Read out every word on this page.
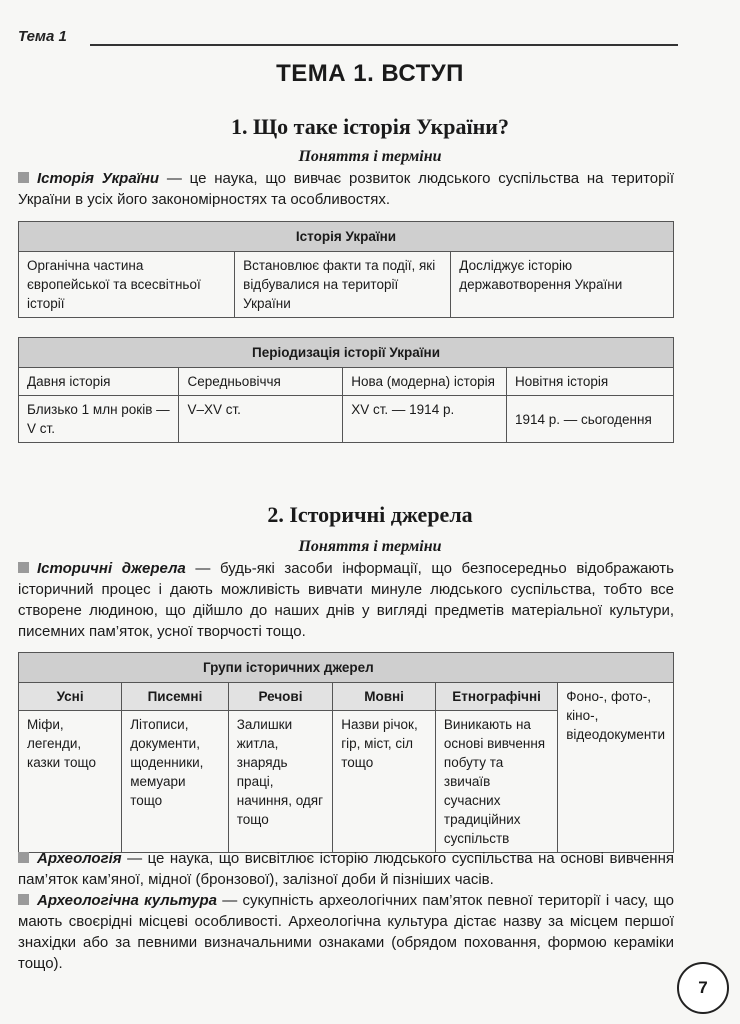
Тема 1
ТЕМА 1. ВСТУП
1. Що таке історія України?
Поняття і терміни
Історія України — це наука, що вивчає розвиток людського суспільства на території України в усіх його закономірностях та особливостях.
Історія України
Органічна частина європейської та всесвітньої історії	Встановлює факти та події, які відбувалися на території України	Досліджує історію державотворення України
Періодизація історії України			
Давня історія	Середньовіччя	Нова (модерна) історія	Новітня історія
Близько 1 млн років — V ст.	V–XV ст.	XV ст. — 1914 р.	1914 р. — сьогодення
2. Історичні джерела
Поняття і терміни
Історичні джерела — будь-які засоби інформації, що безпосередньо відображають історичний процес і дають можливість вивчати минуле людського суспільства, тобто все створене людиною, що дійшло до наших днів у вигляді предметів матеріальної культури, писемних пам’яток, усної творчості тощо.
Групи історичних джерел					
Усні	Писемні	Речові	Мовні	Етнографічні	Фоно-, фото-, кіно-, відеодокументи
Міфи, легенди, казки тощо	Літописи, документи, щоденники, мемуари тощо	Залишки житла, знарядь праці, начиння, одяг тощо	Назви річок, гір, міст, сіл тощо	Виникають на основі вивчення побуту та звичаїв сучасних традиційних суспільств	
Археологія — це наука, що висвітлює історію людського суспільства на основі вивчення пам’яток кам’яної, мідної (бронзової), залізної доби й пізніших часів.
Археологічна культура — сукупність археологічних пам’яток певної території і часу, що мають своєрідні місцеві особливості. Археологічна культура дістає назву за місцем першої знахідки або за певними визначальними ознаками (обрядом поховання, формою кераміки тощо).
7
